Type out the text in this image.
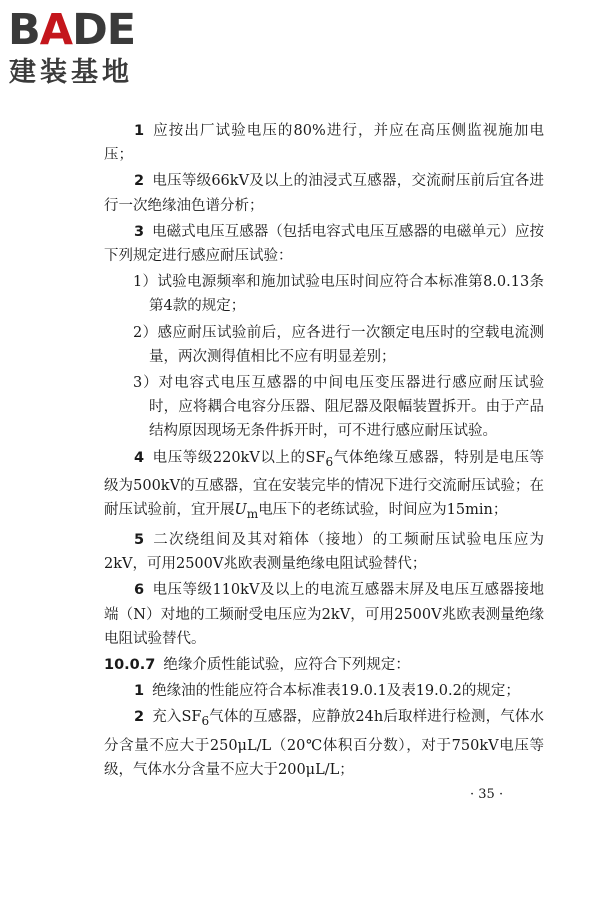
BADE
建装基地

1 应按出厂试验电压的80%进行，并应在高压侧监视施加电压；

2 电压等级66kV及以上的油浸式互感器，交流耐压前后宜各进行一次绝缘油色谱分析；

3 电磁式电压互感器（包括电容式电压互感器的电磁单元）应按下列规定进行感应耐压试验：

1）试验电源频率和施加试验电压时间应符合本标准第8.0.13条第4款的规定；

2）感应耐压试验前后，应各进行一次额定电压时的空载电流测量，两次测得值相比不应有明显差别；

3）对电容式电压互感器的中间电压变压器进行感应耐压试验时，应将耦合电容分压器、阻尼器及限幅装置拆开。由于产品结构原因现场无条件拆开时，可不进行感应耐压试验。

4 电压等级220kV以上的$SF_6$气体绝缘互感器，特别是电压等级为500kV的互感器，宜在安装完毕的情况下进行交流耐压试验；在耐压试验前，宜开展$U_m$电压下的老练试验，时间应为15min；

5 二次绕组间及其对箱体（接地）的工频耐压试验电压应为2kV，可用2500V兆欧表测量绝缘电阻试验替代；

6 电压等级110kV及以上的电流互感器末屏及电压互感器接地端（N）对地的工频耐受电压应为2kV，可用2500V兆欧表测量绝缘电阻试验替代。

10.0.7 绝缘介质性能试验，应符合下列规定：

1 绝缘油的性能应符合本标准表19.0.1及表19.0.2的规定；

2 充入$SF_6$气体的互感器，应静放24h后取样进行检测，气体水分含量不应大于250μL/L（20℃体积百分数），对于750kV电压等级，气体水分含量不应大于200μL/L；

· 35 ·
